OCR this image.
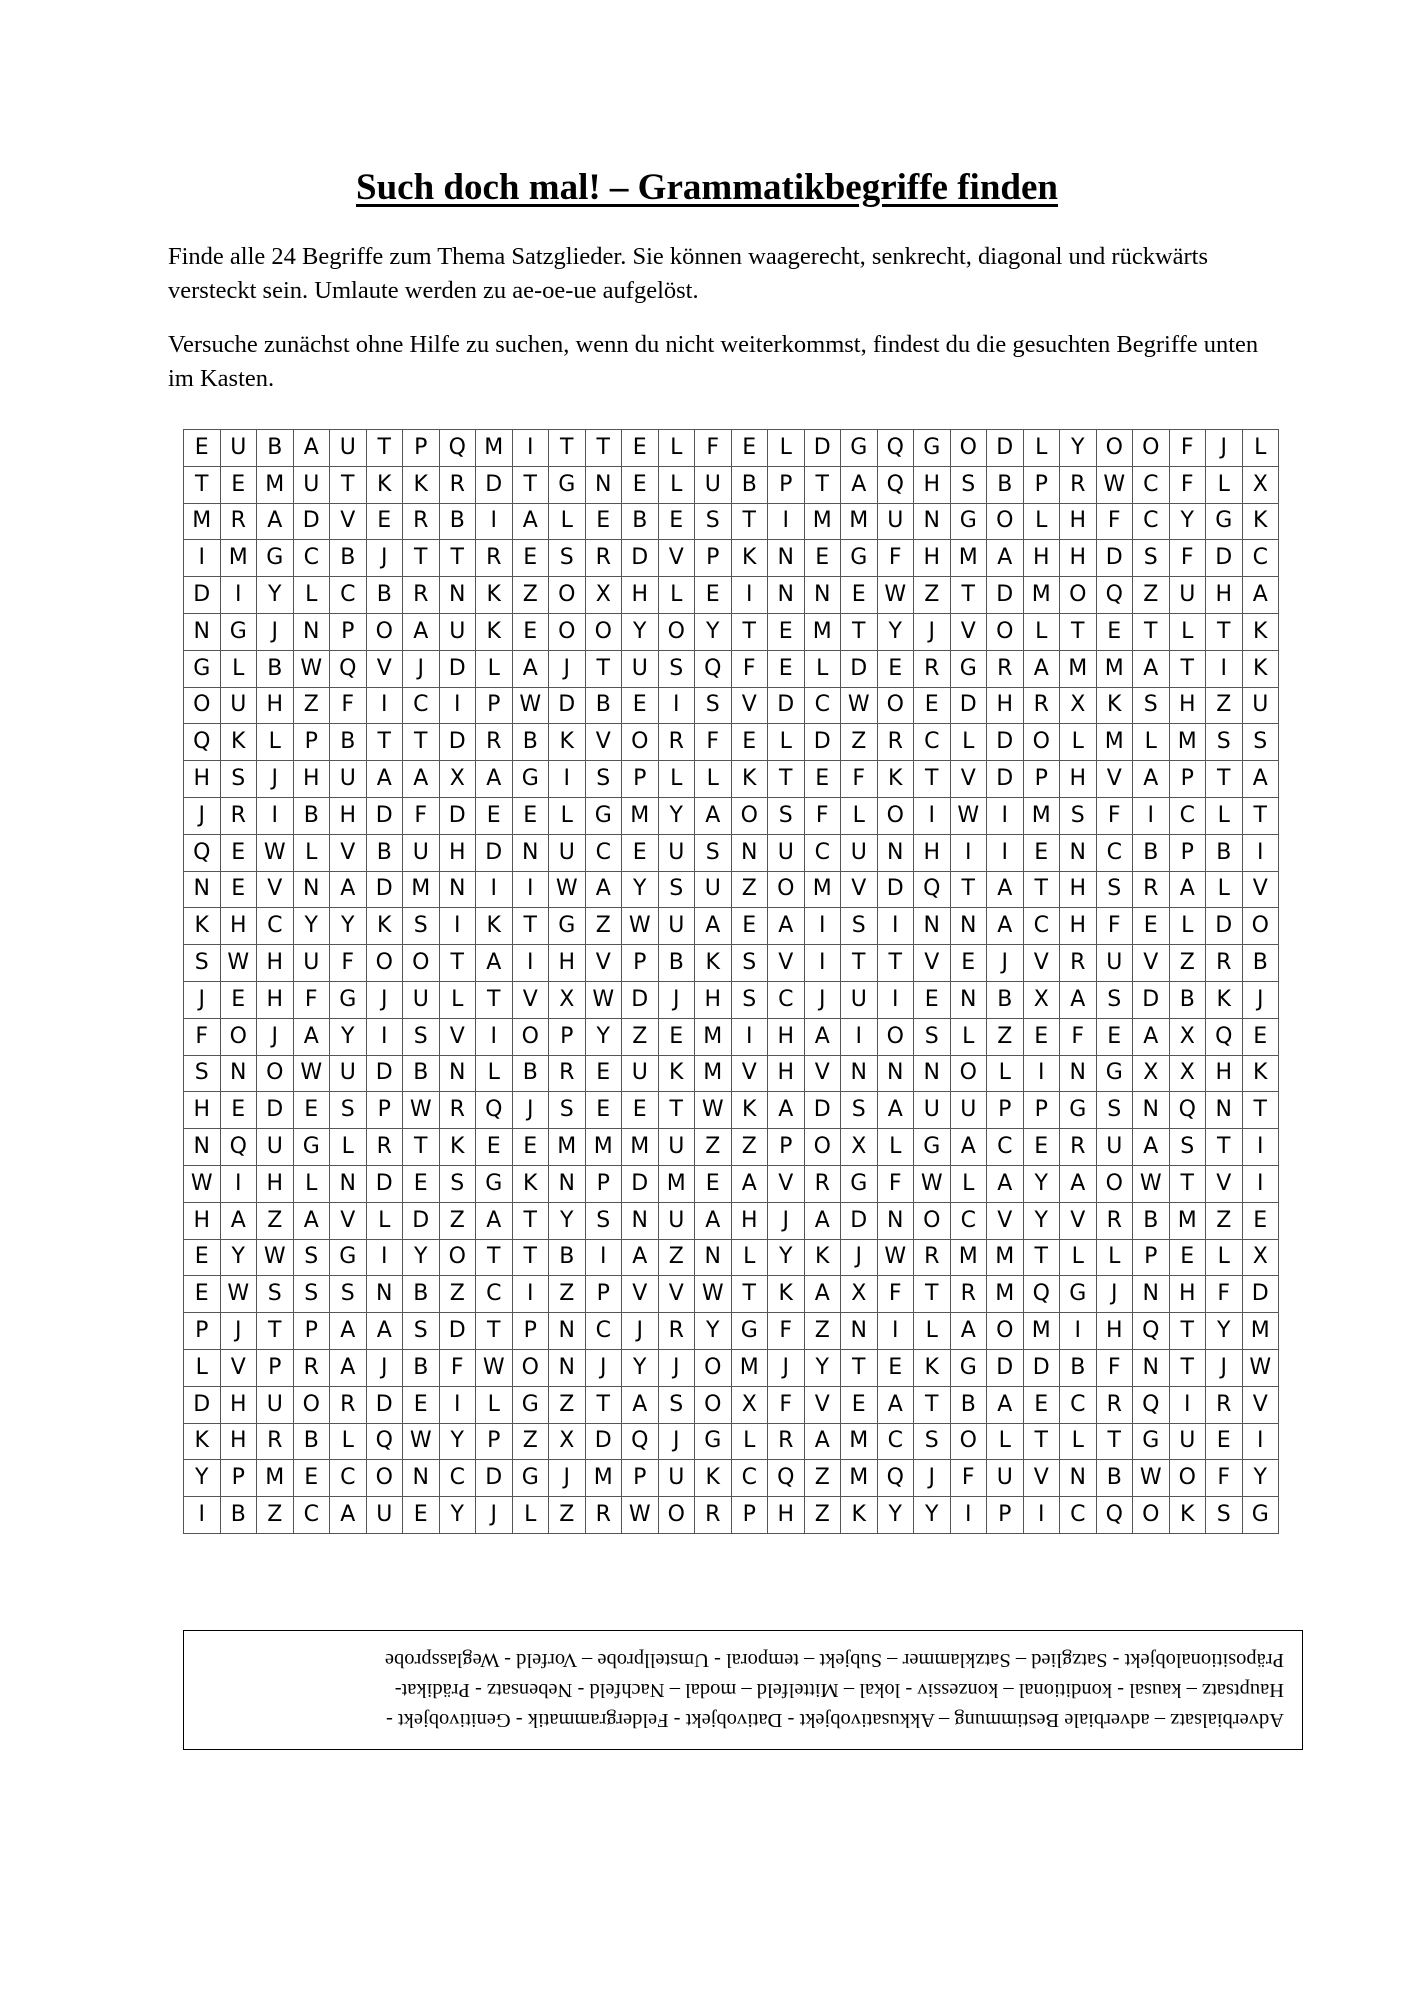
Such doch mal! – Grammatikbegriffe finden

Finde alle 24 Begriffe zum Thema Satzglieder. Sie können waagerecht, senkrecht, diagonal und rückwärts versteckt sein. Umlaute werden zu ae-oe-ue aufgelöst.

Versuche zunächst ohne Hilfe zu suchen, wenn du nicht weiterkommst, findest du die gesuchten Begriffe unten im Kasten.

E	U	B	A	U	T	P	Q	M	I	T	T	E	L	F	E	L	D	G	Q	G	O	D	L	Y	O	O	F	J	L
T	E	M	U	T	K	K	R	D	T	G	N	E	L	U	B	P	T	A	Q	H	S	B	P	R	W	C	F	L	X
M	R	A	D	V	E	R	B	I	A	L	E	B	E	S	T	I	M	M	U	N	G	O	L	H	F	C	Y	G	K
I	M	G	C	B	J	T	T	R	E	S	R	D	V	P	K	N	E	G	F	H	M	A	H	H	D	S	F	D	C
D	I	Y	L	C	B	R	N	K	Z	O	X	H	L	E	I	N	N	E	W	Z	T	D	M	O	Q	Z	U	H	A
N	G	J	N	P	O	A	U	K	E	O	O	Y	O	Y	T	E	M	T	Y	J	V	O	L	T	E	T	L	T	K
G	L	B	W	Q	V	J	D	L	A	J	T	U	S	Q	F	E	L	D	E	R	G	R	A	M	M	A	T	I	K
O	U	H	Z	F	I	C	I	P	W	D	B	E	I	S	V	D	C	W	O	E	D	H	R	X	K	S	H	Z	U
Q	K	L	P	B	T	T	D	R	B	K	V	O	R	F	E	L	D	Z	R	C	L	D	O	L	M	L	M	S	S
H	S	J	H	U	A	A	X	A	G	I	S	P	L	L	K	T	E	F	K	T	V	D	P	H	V	A	P	T	A
J	R	I	B	H	D	F	D	E	E	L	G	M	Y	A	O	S	F	L	O	I	W	I	M	S	F	I	C	L	T
Q	E	W	L	V	B	U	H	D	N	U	C	E	U	S	N	U	C	U	N	H	I	I	E	N	C	B	P	B	I
N	E	V	N	A	D	M	N	I	I	W	A	Y	S	U	Z	O	M	V	D	Q	T	A	T	H	S	R	A	L	V
K	H	C	Y	Y	K	S	I	K	T	G	Z	W	U	A	E	A	I	S	I	N	N	A	C	H	F	E	L	D	O
S	W	H	U	F	O	O	T	A	I	H	V	P	B	K	S	V	I	T	T	V	E	J	V	R	U	V	Z	R	B
J	E	H	F	G	J	U	L	T	V	X	W	D	J	H	S	C	J	U	I	E	N	B	X	A	S	D	B	K	J
F	O	J	A	Y	I	S	V	I	O	P	Y	Z	E	M	I	H	A	I	O	S	L	Z	E	F	E	A	X	Q	E
S	N	O	W	U	D	B	N	L	B	R	E	U	K	M	V	H	V	N	N	N	O	L	I	N	G	X	X	H	K
H	E	D	E	S	P	W	R	Q	J	S	E	E	T	W	K	A	D	S	A	U	U	P	P	G	S	N	Q	N	T
N	Q	U	G	L	R	T	K	E	E	M	M	M	U	Z	Z	P	O	X	L	G	A	C	E	R	U	A	S	T	I
W	I	H	L	N	D	E	S	G	K	N	P	D	M	E	A	V	R	G	F	W	L	A	Y	A	O	W	T	V	I
H	A	Z	A	V	L	D	Z	A	T	Y	S	N	U	A	H	J	A	D	N	O	C	V	Y	V	R	B	M	Z	E
E	Y	W	S	G	I	Y	O	T	T	B	I	A	Z	N	L	Y	K	J	W	R	M	M	T	L	L	P	E	L	X
E	W	S	S	S	N	B	Z	C	I	Z	P	V	V	W	T	K	A	X	F	T	R	M	Q	G	J	N	H	F	D
P	J	T	P	A	A	S	D	T	P	N	C	J	R	Y	G	F	Z	N	I	L	A	O	M	I	H	Q	T	Y	M
L	V	P	R	A	J	B	F	W	O	N	J	Y	J	O	M	J	Y	T	E	K	G	D	D	B	F	N	T	J	W
D	H	U	O	R	D	E	I	L	G	Z	T	A	S	O	X	F	V	E	A	T	B	A	E	C	R	Q	I	R	V
K	H	R	B	L	Q	W	Y	P	Z	X	D	Q	J	G	L	R	A	M	C	S	O	L	T	L	T	G	U	E	I
Y	P	M	E	C	O	N	C	D	G	J	M	P	U	K	C	Q	Z	M	Q	J	F	U	V	N	B	W	O	F	Y
I	B	Z	C	A	U	E	Y	J	L	Z	R	W	O	R	P	H	Z	K	Y	Y	I	P	I	C	Q	O	K	S	G
Adverbialsatz – adverbiale Bestimmung – Akkusativobjekt - Dativobjekt - Feldergrammatik - Genitivobjekt -
Hauptsatz – kausal - konditional – konzessiv - lokal – Mittelfeld – modal – Nachfeld - Nebensatz - Prädikat-
Präpositionalobjekt - Satzglied – Satzklammer – Subjekt – temporal - Umstellprobe – Vorfeld - Weglassprobe
